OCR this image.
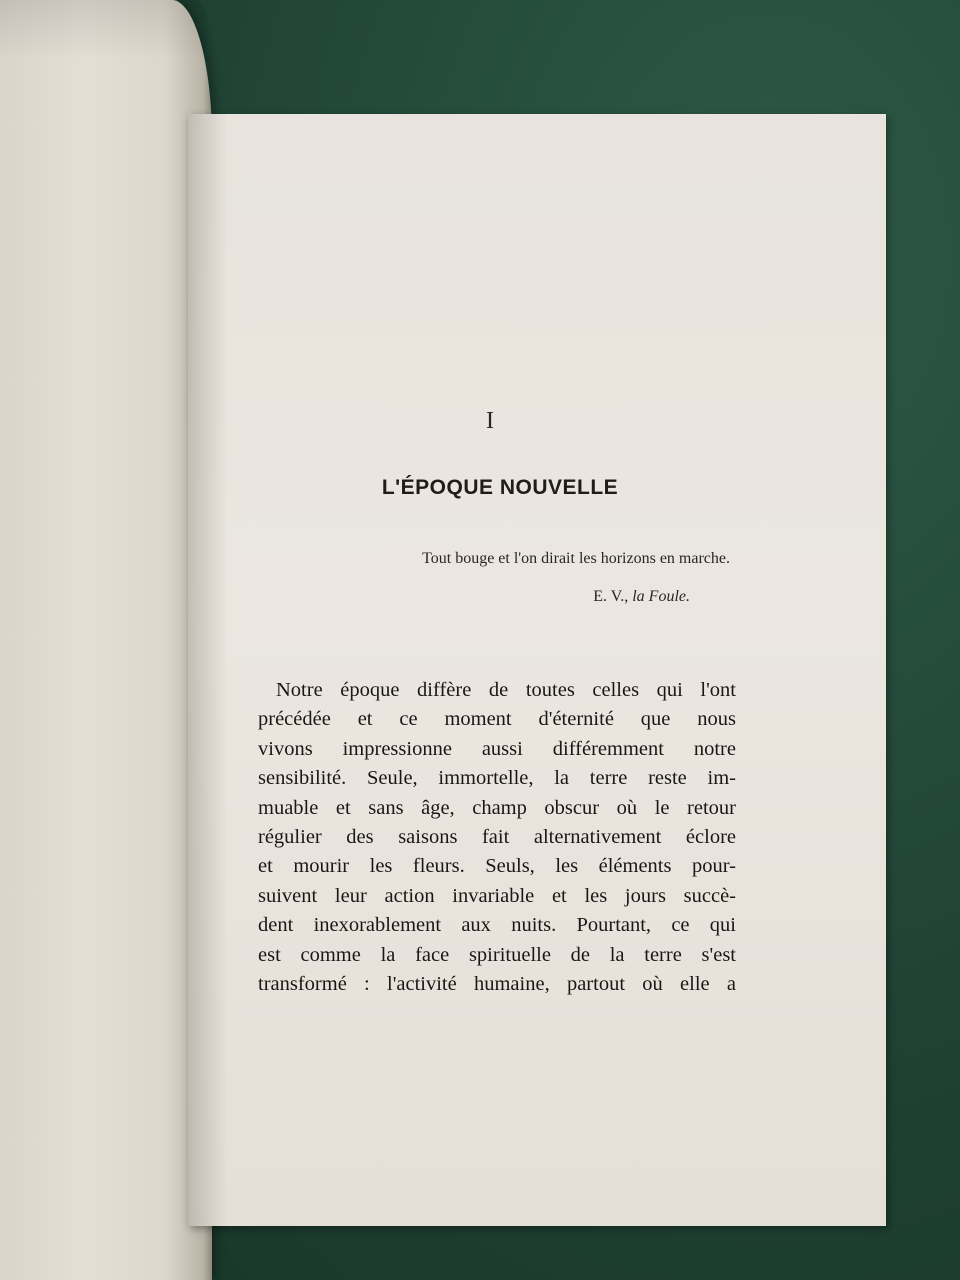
I

L'ÉPOQUE NOUVELLE

Tout bouge et l'on dirait les horizons en marche.

E. V., la Foule.

Notre époque diffère de toutes celles qui l'ont
précédée et ce moment d'éternité que nous
vivons impressionne aussi différemment notre
sensibilité. Seule, immortelle, la terre reste im-
muable et sans âge, champ obscur où le retour
régulier des saisons fait alternativement éclore
et mourir les fleurs. Seuls, les éléments pour-
suivent leur action invariable et les jours succè-
dent inexorablement aux nuits. Pourtant, ce qui
est comme la face spirituelle de la terre s'est
transformé : l'activité humaine, partout où elle a
